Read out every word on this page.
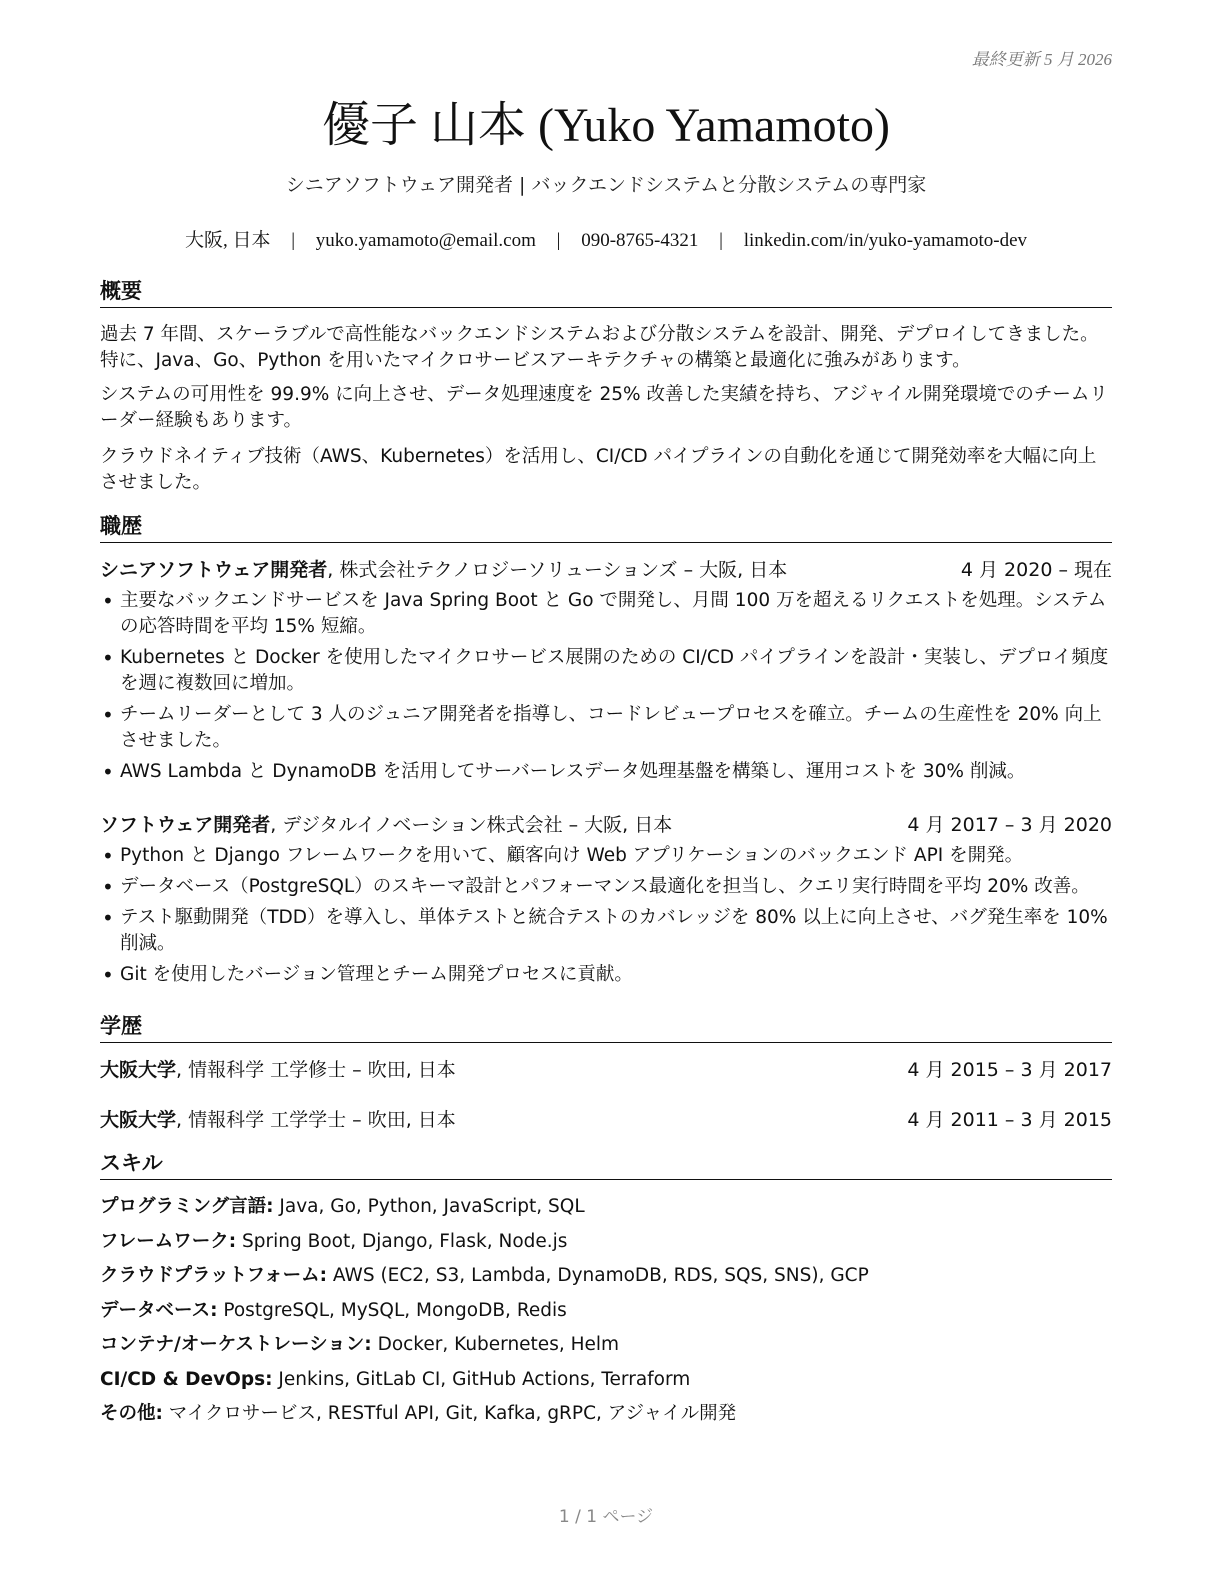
最終更新 5 月 2026
優子 山本 (Yuko Yamamoto)
シニアソフトウェア開発者 | バックエンドシステムと分散システムの専門家
大阪, 日本 | yuko.yamamoto@email.com | 090-8765-4321 | linkedin.com/in/yuko-yamamoto-dev
概要

過去 7 年間、スケーラブルで高性能なバックエンドシステムおよび分散システムを設計、開発、デプロイしてきました。特に、Java、Go、Python を用いたマイクロサービスアーキテクチャの構築と最適化に強みがあります。

システムの可用性を 99.9% に向上させ、データ処理速度を 25% 改善した実績を持ち、アジャイル開発環境でのチームリーダー経験もあります。

クラウドネイティブ技術（AWS、Kubernetes）を活用し、CI/CD パイプラインの自動化を通じて開発効率を大幅に向上させました。

職歴
シニアソフトウェア開発者, 株式会社テクノロジーソリューションズ – 大阪, 日本	4 月 2020 – 現在
• 主要なバックエンドサービスを Java Spring Boot と Go で開発し、月間 100 万を超えるリクエストを処理。システムの応答時間を平均 15% 短縮。
• Kubernetes と Docker を使用したマイクロサービス展開のための CI/CD パイプラインを設計・実装し、デプロイ頻度を週に複数回に増加。
• チームリーダーとして 3 人のジュニア開発者を指導し、コードレビュープロセスを確立。チームの生産性を 20% 向上させました。
• AWS Lambda と DynamoDB を活用してサーバーレスデータ処理基盤を構築し、運用コストを 30% 削減。
ソフトウェア開発者, デジタルイノベーション株式会社 – 大阪, 日本	4 月 2017 – 3 月 2020
• Python と Django フレームワークを用いて、顧客向け Web アプリケーションのバックエンド API を開発。
• データベース（PostgreSQL）のスキーマ設計とパフォーマンス最適化を担当し、クエリ実行時間を平均 20% 改善。
• テスト駆動開発（TDD）を導入し、単体テストと統合テストのカバレッジを 80% 以上に向上させ、バグ発生率を 10% 削減。
• Git を使用したバージョン管理とチーム開発プロセスに貢献。
学歴
大阪大学, 情報科学 工学修士 – 吹田, 日本	4 月 2015 – 3 月 2017
大阪大学, 情報科学 工学学士 – 吹田, 日本	4 月 2011 – 3 月 2015
スキル
プログラミング言語: Java, Go, Python, JavaScript, SQL
フレームワーク: Spring Boot, Django, Flask, Node.js
クラウドプラットフォーム: AWS (EC2, S3, Lambda, DynamoDB, RDS, SQS, SNS), GCP
データベース: PostgreSQL, MySQL, MongoDB, Redis
コンテナ/オーケストレーション: Docker, Kubernetes, Helm
CI/CD & DevOps: Jenkins, GitLab CI, GitHub Actions, Terraform
その他: マイクロサービス, RESTful API, Git, Kafka, gRPC, アジャイル開発
1 / 1 ページ
